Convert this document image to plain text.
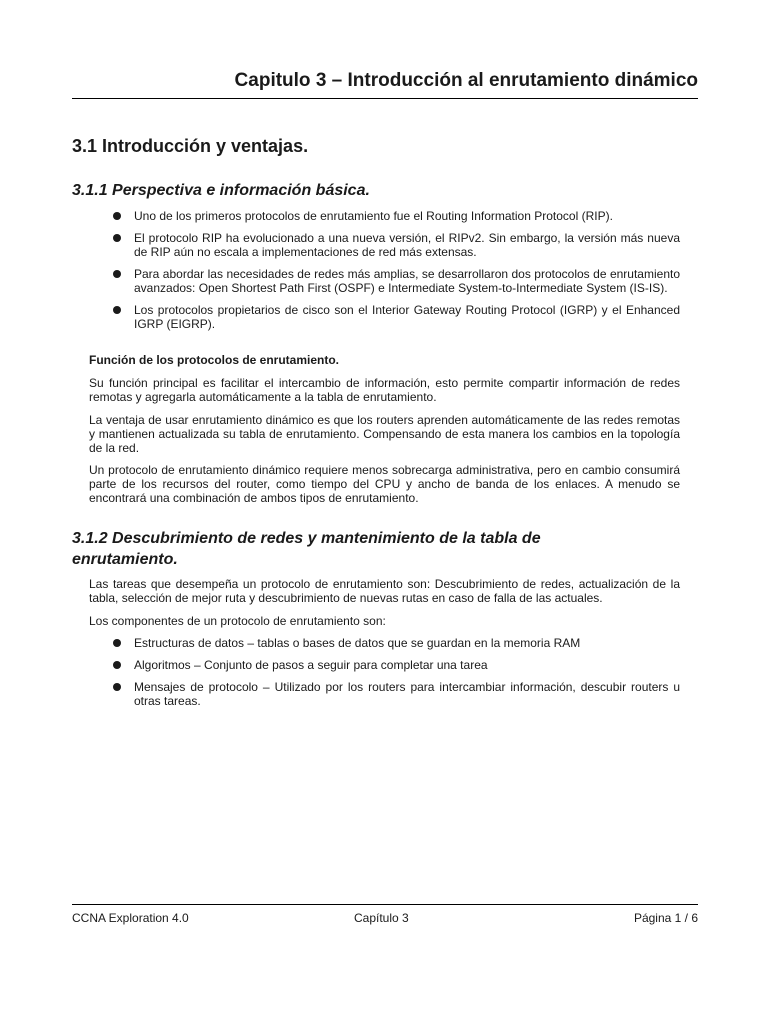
Capitulo 3 – Introducción al enrutamiento dinámico
3.1 Introducción y ventajas.
3.1.1 Perspectiva e información básica.
Uno de los primeros protocolos de enrutamiento fue el Routing Information Protocol (RIP).
El protocolo RIP ha evolucionado a una nueva versión, el RIPv2. Sin embargo, la versión más nueva de RIP aún no escala a implementaciones de red más extensas.
Para abordar las necesidades de redes más amplias, se desarrollaron dos protocolos de enrutamiento avanzados: Open Shortest Path First (OSPF) e Intermediate System-to-Intermediate System (IS-IS).
Los protocolos propietarios de cisco son el Interior Gateway Routing Protocol (IGRP) y el Enhanced IGRP (EIGRP).
Función de los protocolos de enrutamiento.

Su función principal es facilitar el intercambio de información, esto permite compartir información de redes remotas y agregarla automáticamente a la tabla de enrutamiento.

La ventaja de usar enrutamiento dinámico es que los routers aprenden automáticamente de las redes remotas y mantienen actualizada su tabla de enrutamiento. Compensando de esta manera los cambios en la topología de la red.

Un protocolo de enrutamiento dinámico requiere menos sobrecarga administrativa, pero en cambio consumirá parte de los recursos del router, como tiempo del CPU y ancho de banda de los enlaces. A menudo se encontrará una combinación de ambos tipos de enrutamiento.

3.1.2 Descubrimiento de redes y mantenimiento de la tabla de enrutamiento.

Las tareas que desempeña un protocolo de enrutamiento son: Descubrimiento de redes, actualización de la tabla, selección de mejor ruta y descubrimiento de nuevas rutas en caso de falla de las actuales.

Los componentes de un protocolo de enrutamiento son:

Estructuras de datos – tablas o bases de datos que se guardan en la memoria RAM
Algoritmos – Conjunto de pasos a seguir para completar una tarea
Mensajes de protocolo – Utilizado por los routers para intercambiar información, descubir routers u otras tareas.
CCNA Exploration 4.0	Capítulo 3	Página 1 / 6
